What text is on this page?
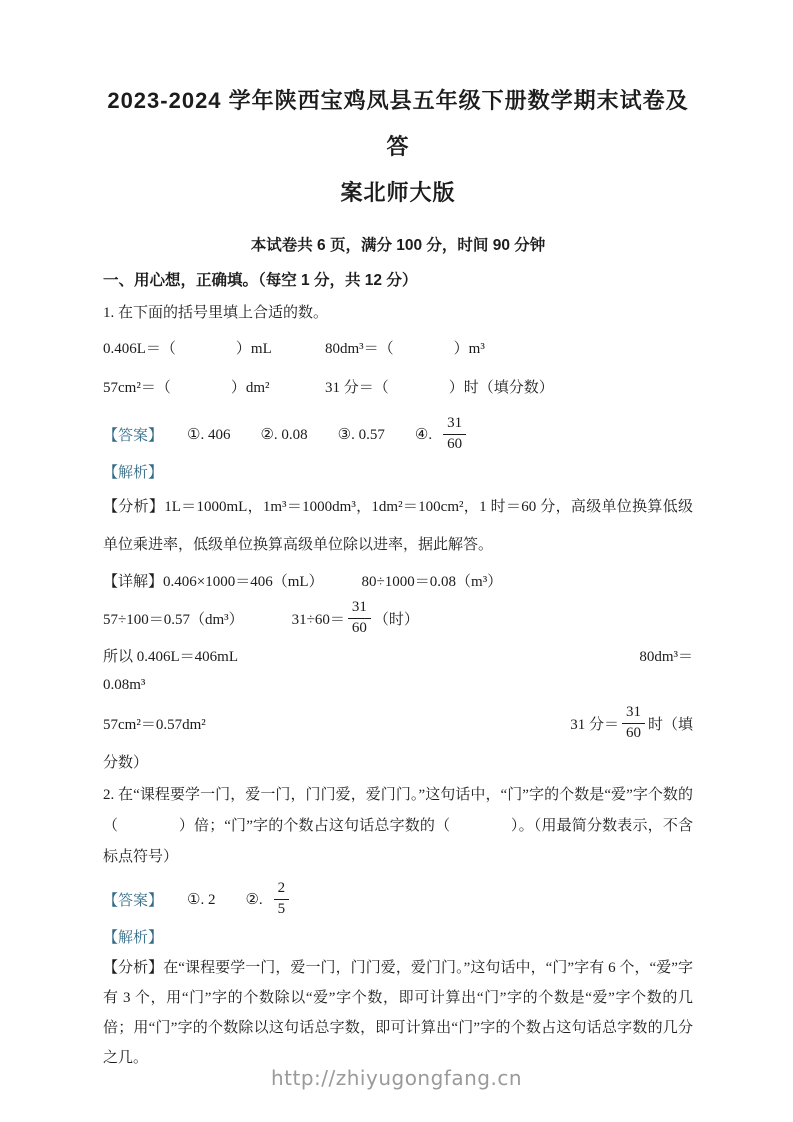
2023-2024 学年陕西宝鸡凤县五年级下册数学期末试卷及答
案北师大版
本试卷共 6 页，满分 100 分，时间 90 分钟
一、用心想，正确填。（每空 1 分，共 12 分）
1. 在下面的括号里填上合适的数。
0.406L＝（　　　　）mL	80dm³＝（　　　　）m³
57cm²＝（　　　　）dm²	31 分＝（　　　　）时（填分数）
【答案】 ①. 406 ②. 0.08 ③. 0.57 ④. $\frac{31}{60}$
【解析】

【分析】1L＝1000mL，1m³＝1000dm³，1dm²＝100cm²，1 时＝60 分，高级单位换算低级单位乘进率，低级单位换算高级单位除以进率，据此解答。

【详解】0.406×1000＝406（mL）	80÷1000＝0.08（m³）
57÷100＝0.57（dm³）	$31\div 60= \frac{31}{60}$ （时）
所以 0.406L＝406mL	80dm³＝
0.08m³
57cm²＝0.57dm²	31 分＝ $\frac{31}{60}$ 时（填
分数）

2. 在“课程要学一门，爱一门，门门爱，爱门门。”这句话中，“门”字的个数是“爱”字个数的（　　　　）倍；“门”字的个数占这句话总字数的（　　　　）。（用最简分数表示，不含标点符号）

【答案】 ①. 2 ②. $\frac{2}{5}$
【解析】

【分析】在“课程要学一门，爱一门，门门爱，爱门门。”这句话中，“门”字有 6 个，“爱”字有 3 个，用“门”字的个数除以“爱”字个数，即可计算出“门”字的个数是“爱”字个数的几倍；用“门”字的个数除以这句话总字数，即可计算出“门”字的个数占这句话总字数的几分之几。

http://zhiyugongfang.cn
